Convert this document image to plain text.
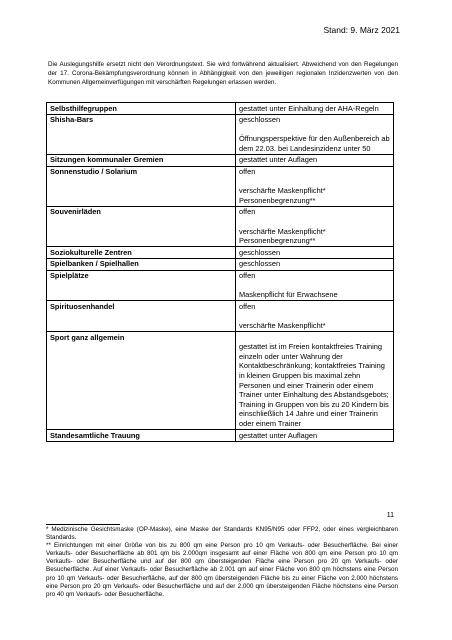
Stand: 9. März 2021
Die Auslegungshilfe ersetzt nicht den Verordnungstext. Sie wird fortwährend aktualisiert. Abweichend von den Regelungen der 17. Corona-Bekämpfungsverordnung können in Abhängigkeit von den jeweiligen regionalen Inzidenzwerten von den Kommunen Allgemeinverfügungen mit verschärften Regelungen erlassen werden.
Selbsthilfegruppen	gestattet unter Einhaltung der AHA-Regeln

Shisha-Bars	geschlossen
Öffnungsperspektive für den Außenbereich ab dem 22.03. bei Landesinzidenz unter 50

Sitzungen kommunaler Gremien	gestattet unter Auflagen

Sonnenstudio / Solarium	offen
verschärfte Maskenpflicht* Personenbegrenzung**

Souvenirläden	offen
verschärfte Maskenpflicht* Personenbegrenzung**

Soziokulturelle Zentren	geschlossen

Spielbanken / Spielhallen	geschlossen

Spielplätze	offen
Maskenpflicht für Erwachsene

Spirituosenhandel	offen
verschärfte Maskenpflicht*

Sport ganz allgemein	gestattet ist im Freien kontaktfreies Training einzeln oder unter Wahrung der Kontaktbeschränkung; kontaktfreies Training in kleinen Gruppen bis maximal zehn Personen und einer Trainerin oder einem Trainer unter Einhaltung des Abstandsgebots;
Training in Gruppen von bis zu 20 Kindern bis einschließlich 14 Jahre und einer Trainerin oder einem Trainer

Standesamtliche Trauung	gestattet unter Auflagen
11

* Medizinische Gesichtsmaske (OP-Maske), eine Maske der Standards KN95/N95 oder FFP2, oder eines vergleichbaren Standards.

** Einrichtungen mit einer Größe von bis zu 800 qm eine Person pro 10 qm Verkaufs- oder Besucherfläche. Bei einer Verkaufs- oder Besucherfläche ab 801 qm bis 2.000qm insgesamt auf einer Fläche von 800 qm eine Person pro 10 qm Verkaufs- oder Besucherfläche und auf der 800 qm übersteigenden Fläche eine Person pro 20 qm Verkaufs- oder Besucherfläche. Auf einer Verkaufs- oder Besucherfläche ab 2.001 qm auf einer Fläche von 800 qm höchstens eine Person pro 10 qm Verkaufs- oder Besucherfläche, auf der 800 qm übersteigenden Fläche bis zu einer Fläche von 2.000 höchstens eine Person pro 20 qm Verkaufs- oder Besucherfläche und auf der 2.000 qm übersteigenden Fläche höchstens eine Person pro 40 qm Verkaufs- oder Besucherfläche.
